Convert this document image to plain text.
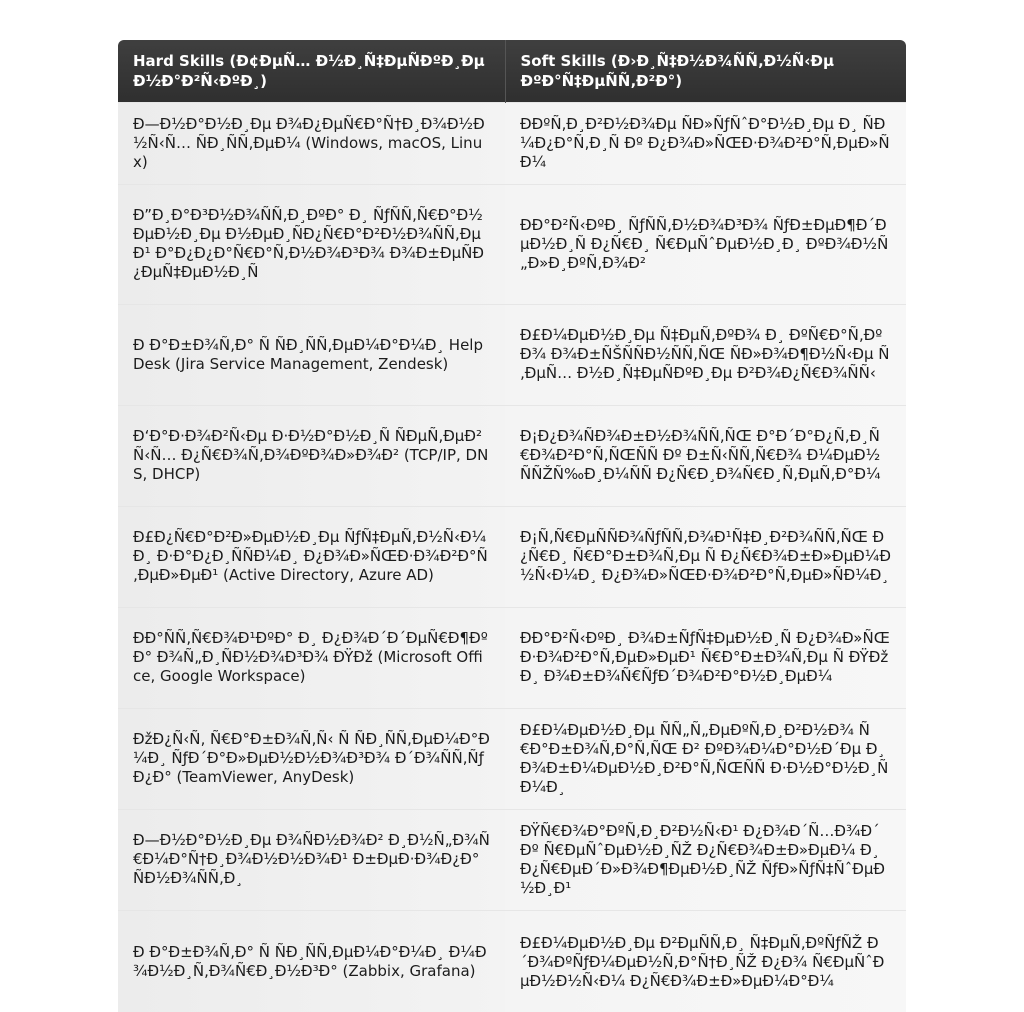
Hard Skills (Ð¢ÐµÑ… Ð½Ð¸Ñ‡ÐµÑÐºÐ¸Ðµ Ð½Ð°Ð²Ñ‹ÐºÐ¸)	Soft Skills (Ð›Ð¸Ñ‡Ð½Ð¾ÑÑ‚Ð½Ñ‹Ðµ ÐºÐ°Ñ‡ÐµÑÑ‚Ð²Ð°)
Ð—Ð½Ð°Ð½Ð¸Ðµ Ð¾Ð¿ÐµÑ€Ð°Ñ†Ð¸Ð¾Ð½Ð½Ñ‹Ñ… ÑÐ¸ÑÑ‚ÐµÐ¼ (Windows, macOS, Linux)	ÐÐºÑ‚Ð¸Ð²Ð½Ð¾Ðµ ÑÐ»ÑƒÑˆÐ°Ð½Ð¸Ðµ Ð¸ ÑÐ¼Ð¿Ð°Ñ‚Ð¸Ñ Ðº Ð¿Ð¾Ð»ÑŒÐ·Ð¾Ð²Ð°Ñ‚ÐµÐ»ÑÐ¼
Ð”Ð¸Ð°Ð³Ð½Ð¾ÑÑ‚Ð¸ÐºÐ° Ð¸ ÑƒÑÑ‚Ñ€Ð°Ð½ÐµÐ½Ð¸Ðµ Ð½ÐµÐ¸ÑÐ¿Ñ€Ð°Ð²Ð½Ð¾ÑÑ‚ÐµÐ¹ Ð°Ð¿Ð¿Ð°Ñ€Ð°Ñ‚Ð½Ð¾Ð³Ð¾ Ð¾Ð±ÐµÑÐ¿ÐµÑ‡ÐµÐ½Ð¸Ñ	ÐÐ°Ð²Ñ‹ÐºÐ¸ ÑƒÑÑ‚Ð½Ð¾Ð³Ð¾ ÑƒÐ±ÐµÐ¶Ð´ÐµÐ½Ð¸Ñ Ð¿Ñ€Ð¸ Ñ€ÐµÑˆÐµÐ½Ð¸Ð¸ ÐºÐ¾Ð½Ñ„Ð»Ð¸ÐºÑ‚Ð¾Ð²
Ð Ð°Ð±Ð¾Ñ‚Ð° Ñ ÑÐ¸ÑÑ‚ÐµÐ¼Ð°Ð¼Ð¸ Help Desk (Jira Service Management, Zendesk)	Ð£Ð¼ÐµÐ½Ð¸Ðµ Ñ‡ÐµÑ‚ÐºÐ¾ Ð¸ ÐºÑ€Ð°Ñ‚ÐºÐ¾ Ð¾Ð±ÑŠÑÑÐ½ÑÑ‚ÑŒ ÑÐ»Ð¾Ð¶Ð½Ñ‹Ðµ Ñ‚ÐµÑ… Ð½Ð¸Ñ‡ÐµÑÐºÐ¸Ðµ Ð²Ð¾Ð¿Ñ€Ð¾ÑÑ‹
Ð‘Ð°Ð·Ð¾Ð²Ñ‹Ðµ Ð·Ð½Ð°Ð½Ð¸Ñ ÑÐµÑ‚ÐµÐ²Ñ‹Ñ… Ð¿Ñ€Ð¾Ñ‚Ð¾ÐºÐ¾Ð»Ð¾Ð² (TCP/IP, DNS, DHCP)	Ð¡Ð¿Ð¾ÑÐ¾Ð±Ð½Ð¾ÑÑ‚ÑŒ Ð°Ð´Ð°Ð¿Ñ‚Ð¸Ñ€Ð¾Ð²Ð°Ñ‚ÑŒÑÑ Ðº Ð±Ñ‹ÑÑ‚Ñ€Ð¾ Ð¼ÐµÐ½ÑÑŽÑ‰Ð¸Ð¼ÑÑ Ð¿Ñ€Ð¸Ð¾Ñ€Ð¸Ñ‚ÐµÑ‚Ð°Ð¼
Ð£Ð¿Ñ€Ð°Ð²Ð»ÐµÐ½Ð¸Ðµ ÑƒÑ‡ÐµÑ‚Ð½Ñ‹Ð¼Ð¸ Ð·Ð°Ð¿Ð¸ÑÑÐ¼Ð¸ Ð¿Ð¾Ð»ÑŒÐ·Ð¾Ð²Ð°Ñ‚ÐµÐ»ÐµÐ¹ (Active Directory, Azure AD)	Ð¡Ñ‚Ñ€ÐµÑÑÐ¾ÑƒÑÑ‚Ð¾Ð¹Ñ‡Ð¸Ð²Ð¾ÑÑ‚ÑŒ Ð¿Ñ€Ð¸ Ñ€Ð°Ð±Ð¾Ñ‚Ðµ Ñ Ð¿Ñ€Ð¾Ð±Ð»ÐµÐ¼Ð½Ñ‹Ð¼Ð¸ Ð¿Ð¾Ð»ÑŒÐ·Ð¾Ð²Ð°Ñ‚ÐµÐ»ÑÐ¼Ð¸
ÐÐ°ÑÑ‚Ñ€Ð¾Ð¹ÐºÐ° Ð¸ Ð¿Ð¾Ð´Ð´ÐµÑ€Ð¶ÐºÐ° Ð¾Ñ„Ð¸ÑÐ½Ð¾Ð³Ð¾ ÐŸÐž (Microsoft Office, Google Workspace)	ÐÐ°Ð²Ñ‹ÐºÐ¸ Ð¾Ð±ÑƒÑ‡ÐµÐ½Ð¸Ñ Ð¿Ð¾Ð»ÑŒÐ·Ð¾Ð²Ð°Ñ‚ÐµÐ»ÐµÐ¹ Ñ€Ð°Ð±Ð¾Ñ‚Ðµ Ñ ÐŸÐž Ð¸ Ð¾Ð±Ð¾Ñ€ÑƒÐ´Ð¾Ð²Ð°Ð½Ð¸ÐµÐ¼
ÐžÐ¿Ñ‹Ñ‚ Ñ€Ð°Ð±Ð¾Ñ‚Ñ‹ Ñ ÑÐ¸ÑÑ‚ÐµÐ¼Ð°Ð¼Ð¸ ÑƒÐ´Ð°Ð»ÐµÐ½Ð½Ð¾Ð³Ð¾ Ð´Ð¾ÑÑ‚ÑƒÐ¿Ð° (TeamViewer, AnyDesk)	Ð£Ð¼ÐµÐ½Ð¸Ðµ ÑÑ„Ñ„ÐµÐºÑ‚Ð¸Ð²Ð½Ð¾ Ñ€Ð°Ð±Ð¾Ñ‚Ð°Ñ‚ÑŒ Ð² ÐºÐ¾Ð¼Ð°Ð½Ð´Ðµ Ð¸ Ð¾Ð±Ð¼ÐµÐ½Ð¸Ð²Ð°Ñ‚ÑŒÑÑ Ð·Ð½Ð°Ð½Ð¸ÑÐ¼Ð¸
Ð—Ð½Ð°Ð½Ð¸Ðµ Ð¾ÑÐ½Ð¾Ð² Ð¸Ð½Ñ„Ð¾Ñ€Ð¼Ð°Ñ†Ð¸Ð¾Ð½Ð½Ð¾Ð¹ Ð±ÐµÐ·Ð¾Ð¿Ð°ÑÐ½Ð¾ÑÑ‚Ð¸	ÐŸÑ€Ð¾Ð°ÐºÑ‚Ð¸Ð²Ð½Ñ‹Ð¹ Ð¿Ð¾Ð´Ñ…Ð¾Ð´ Ðº Ñ€ÐµÑˆÐµÐ½Ð¸ÑŽ Ð¿Ñ€Ð¾Ð±Ð»ÐµÐ¼ Ð¸ Ð¿Ñ€ÐµÐ´Ð»Ð¾Ð¶ÐµÐ½Ð¸ÑŽ ÑƒÐ»ÑƒÑ‡ÑˆÐµÐ½Ð¸Ð¹
Ð Ð°Ð±Ð¾Ñ‚Ð° Ñ ÑÐ¸ÑÑ‚ÐµÐ¼Ð°Ð¼Ð¸ Ð¼Ð¾Ð½Ð¸Ñ‚Ð¾Ñ€Ð¸Ð½Ð³Ð° (Zabbix, Grafana)	Ð£Ð¼ÐµÐ½Ð¸Ðµ Ð²ÐµÑÑ‚Ð¸ Ñ‡ÐµÑ‚ÐºÑƒÑŽ Ð´Ð¾ÐºÑƒÐ¼ÐµÐ½Ñ‚Ð°Ñ†Ð¸ÑŽ Ð¿Ð¾ Ñ€ÐµÑˆÐµÐ½Ð½Ñ‹Ð¼ Ð¿Ñ€Ð¾Ð±Ð»ÐµÐ¼Ð°Ð¼
